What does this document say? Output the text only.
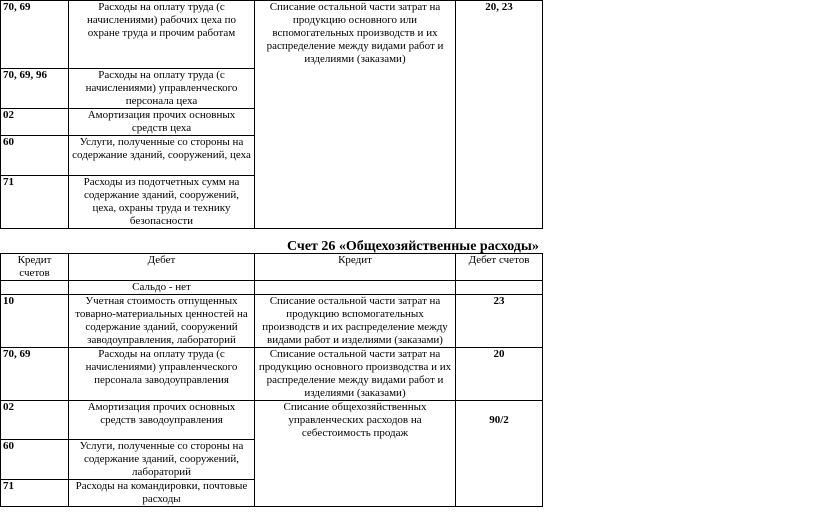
70, 69	Расходы на оплату труда (с начислениями) рабочих цеха по охране труда и прочим работам	Списание остальной части затрат на продукцию основного или вспомогательных производств и их распределение между видами работ и изделиями (заказами)	20, 23
70, 69, 96	Расходы на оплату труда (с начислениями) управленческого персонала цеха		
02	Амортизация прочих основных средств цеха		
60	Услуги, полученные со стороны на содержание зданий, сооружений, цеха		
71	Расходы из подотчетных сумм на содержание зданий, сооружений, цеха, охраны труда и технику безопасности		
Счет 26 «Общехозяйственные расходы»
Кредит счетов	Дебет	Кредит	Дебет счетов
	Сальдо - нет		
10	Учетная стоимость отпущенных товарно-материальных ценностей на содержание зданий, сооружений заводоуправления, лабораторий	Списание остальной части затрат на продукцию вспомогательных производств и их распределение между видами работ и изделиями (заказами)	23
70, 69	Расходы на оплату труда (с начислениями) управленческого персонала заводоуправления	Списание остальной части затрат на продукцию основного производства и их распределение между видами работ и изделиями (заказами)	20
02	Амортизация прочих основных средств заводоуправления	Списание общехозяйственных управленческих расходов на себестоимость продаж	90/2
60	Услуги, полученные со стороны на содержание зданий, сооружений, лабораторий		
71	Расходы на командировки, почтовые расходы		
